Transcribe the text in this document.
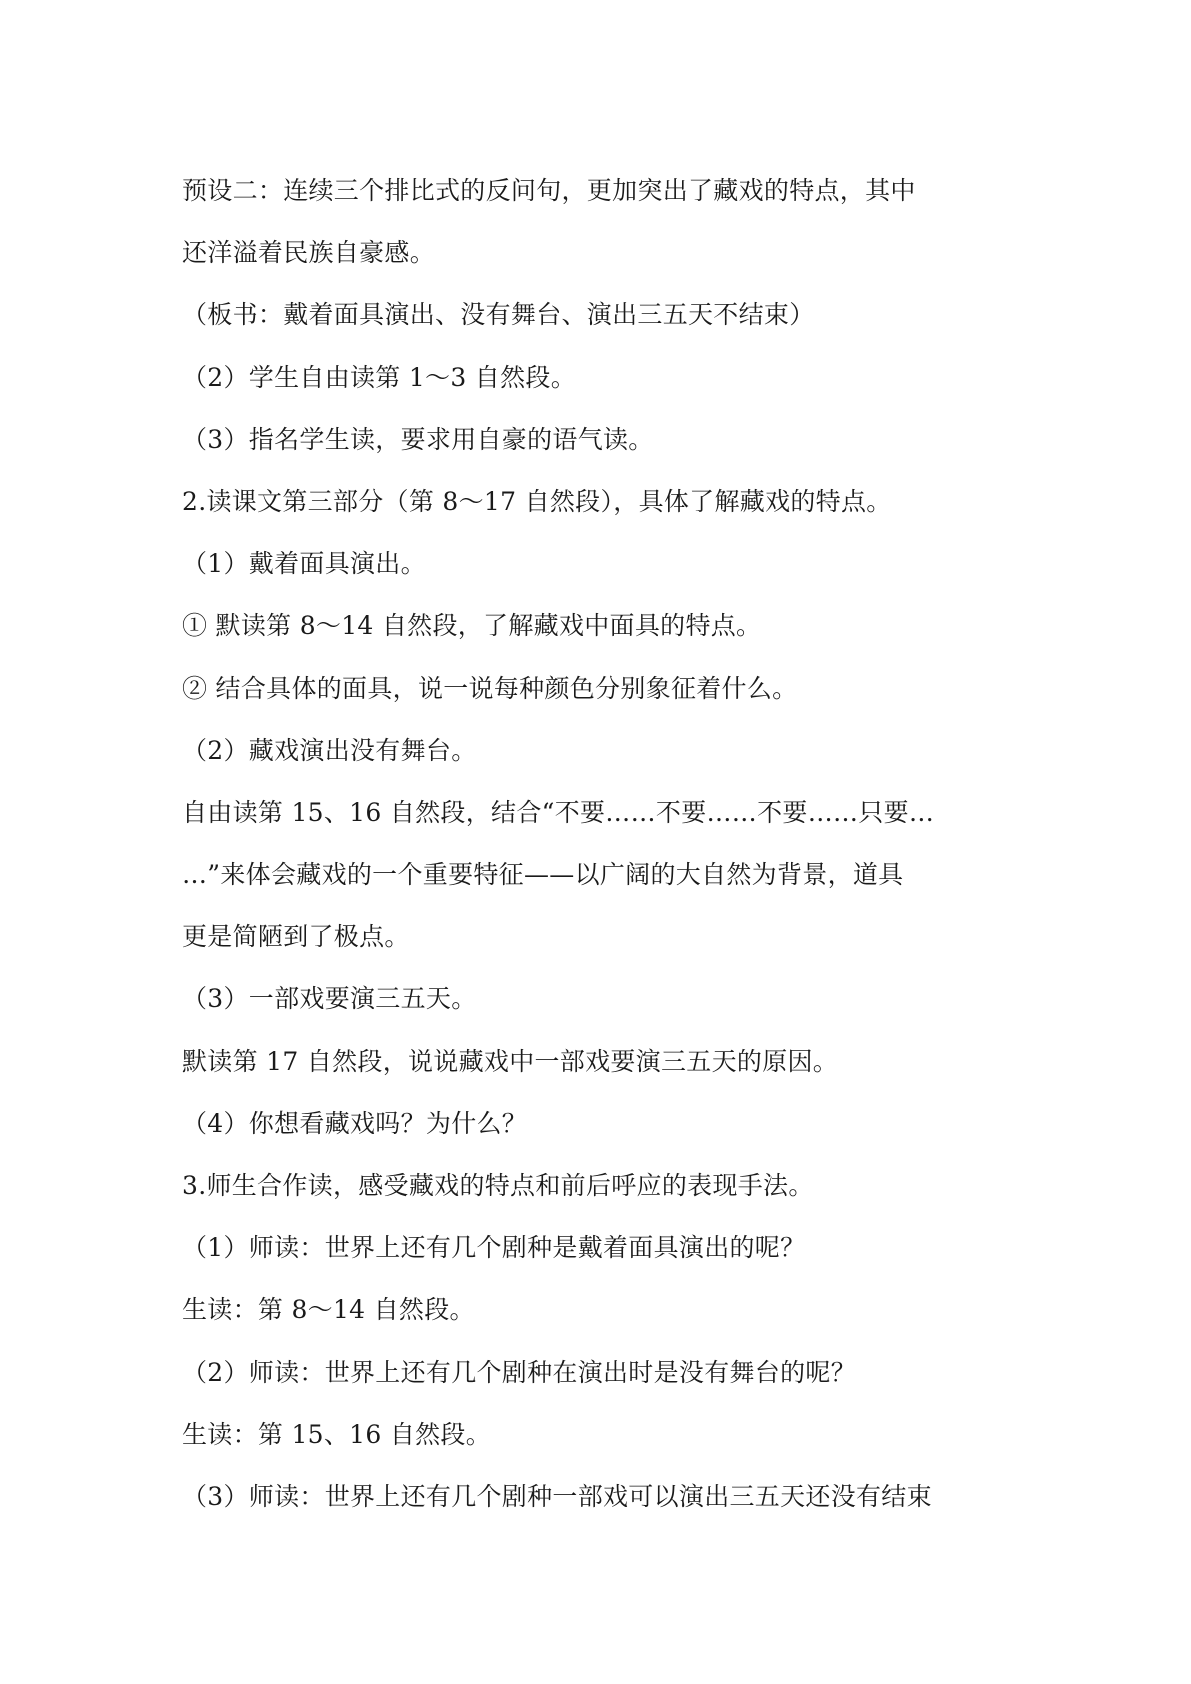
预设二：连续三个排比式的反问句，更加突出了藏戏的特点，其中
还洋溢着民族自豪感。
（板书：戴着面具演出、没有舞台、演出三五天不结束）
（2）学生自由读第 1～3 自然段。
（3）指名学生读，要求用自豪的语气读。
2.读课文第三部分（第 8～17 自然段），具体了解藏戏的特点。
（1）戴着面具演出。
① 默读第 8～14 自然段，了解藏戏中面具的特点。
② 结合具体的面具，说一说每种颜色分别象征着什么。
（2）藏戏演出没有舞台。
自由读第 15、16 自然段，结合“不要……不要……不要……只要…
…”来体会藏戏的一个重要特征——以广阔的大自然为背景，道具
更是简陋到了极点。
（3）一部戏要演三五天。
默读第 17 自然段，说说藏戏中一部戏要演三五天的原因。
（4）你想看藏戏吗？为什么？
3.师生合作读，感受藏戏的特点和前后呼应的表现手法。
（1）师读：世界上还有几个剧种是戴着面具演出的呢？
生读：第 8～14 自然段。
（2）师读：世界上还有几个剧种在演出时是没有舞台的呢？
生读：第 15、16 自然段。
（3）师读：世界上还有几个剧种一部戏可以演出三五天还没有结束
